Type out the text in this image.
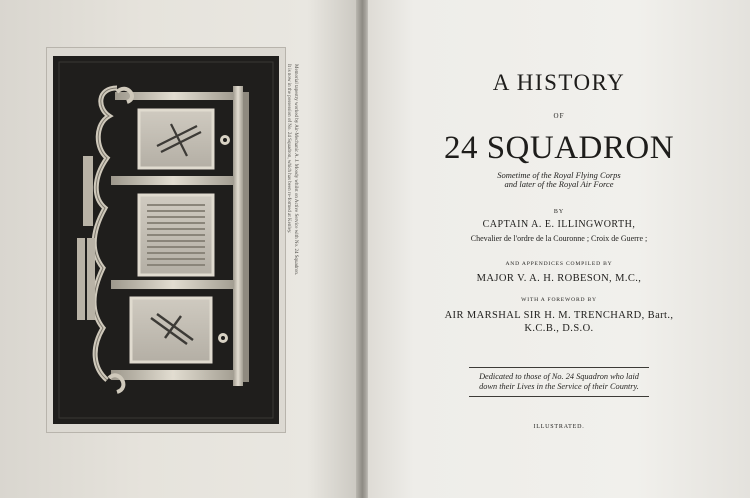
Memorial tapestry worked by Air-Mechanic A. J. Moody whilst on Active Service with No. 24 Squadron.
It is now in the possession of No. 24 Squadron, which has been re-formed at Kenley.	A HISTORY
OF
24 SQUADRON
Sometime of the Royal Flying Corps
and later of the Royal Air Force
BY
CAPTAIN A. E. ILLINGWORTH,
Chevalier de l'ordre de la Couronne ; Croix de Guerre ;
AND APPENDICES COMPILED BY
MAJOR V. A. H. ROBESON, M.C.,
WITH A FOREWORD BY
AIR MARSHAL SIR H. M. TRENCHARD, Bart.,
K.C.B., D.S.O.
ILLUSTRATED.
Dedicated to those of No. 24 Squadron who laid
down their Lives in the Service of their Country.
